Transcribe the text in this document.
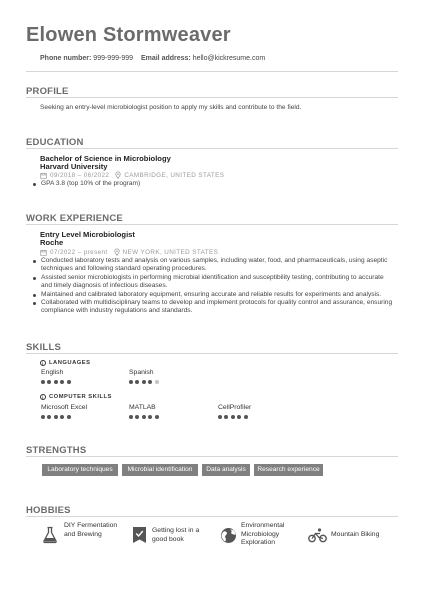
Elowen Stormweaver
Phone number: 999-999-999 Email address: hello@kickresume.com
PROFILE
Seeking an entry-level microbiologist position to apply my skills and contribute to the field.
EDUCATION
Bachelor of Science in Microbiology
Harvard University
09/2018 – 06/2022 CAMBRIDGE, UNITED STATES
GPA 3.8 (top 10% of the program)
WORK EXPERIENCE
Entry Level Microbiologist
Roche
07/2022 – present NEW YORK, UNITED STATES
Conducted laboratory tests and analysis on various samples, including water, food, and pharmaceuticals, using aseptic techniques and following standard operating procedures.
Assisted senior microbiologists in performing microbial identification and susceptibility testing, contributing to accurate and timely diagnosis of infectious diseases.
Maintained and calibrated laboratory equipment, ensuring accurate and reliable results for experiments and analysis.
Collaborated with multidisciplinary teams to develop and implement protocols for quality control and assurance, ensuring compliance with industry regulations and standards.
SKILLS
i LANGUAGES
English	Spanish
i COMPUTER SKILLS
Microsoft Excel	MATLAB	CellProfiler
STRENGTHS
Laboratory techniques	Microbial identification	Data analysis	Research experience
HOBBIES
DIY Fermentation and Brewing
Getting lost in a good book
Environmental Microbiology Exploration
Mountain Biking
